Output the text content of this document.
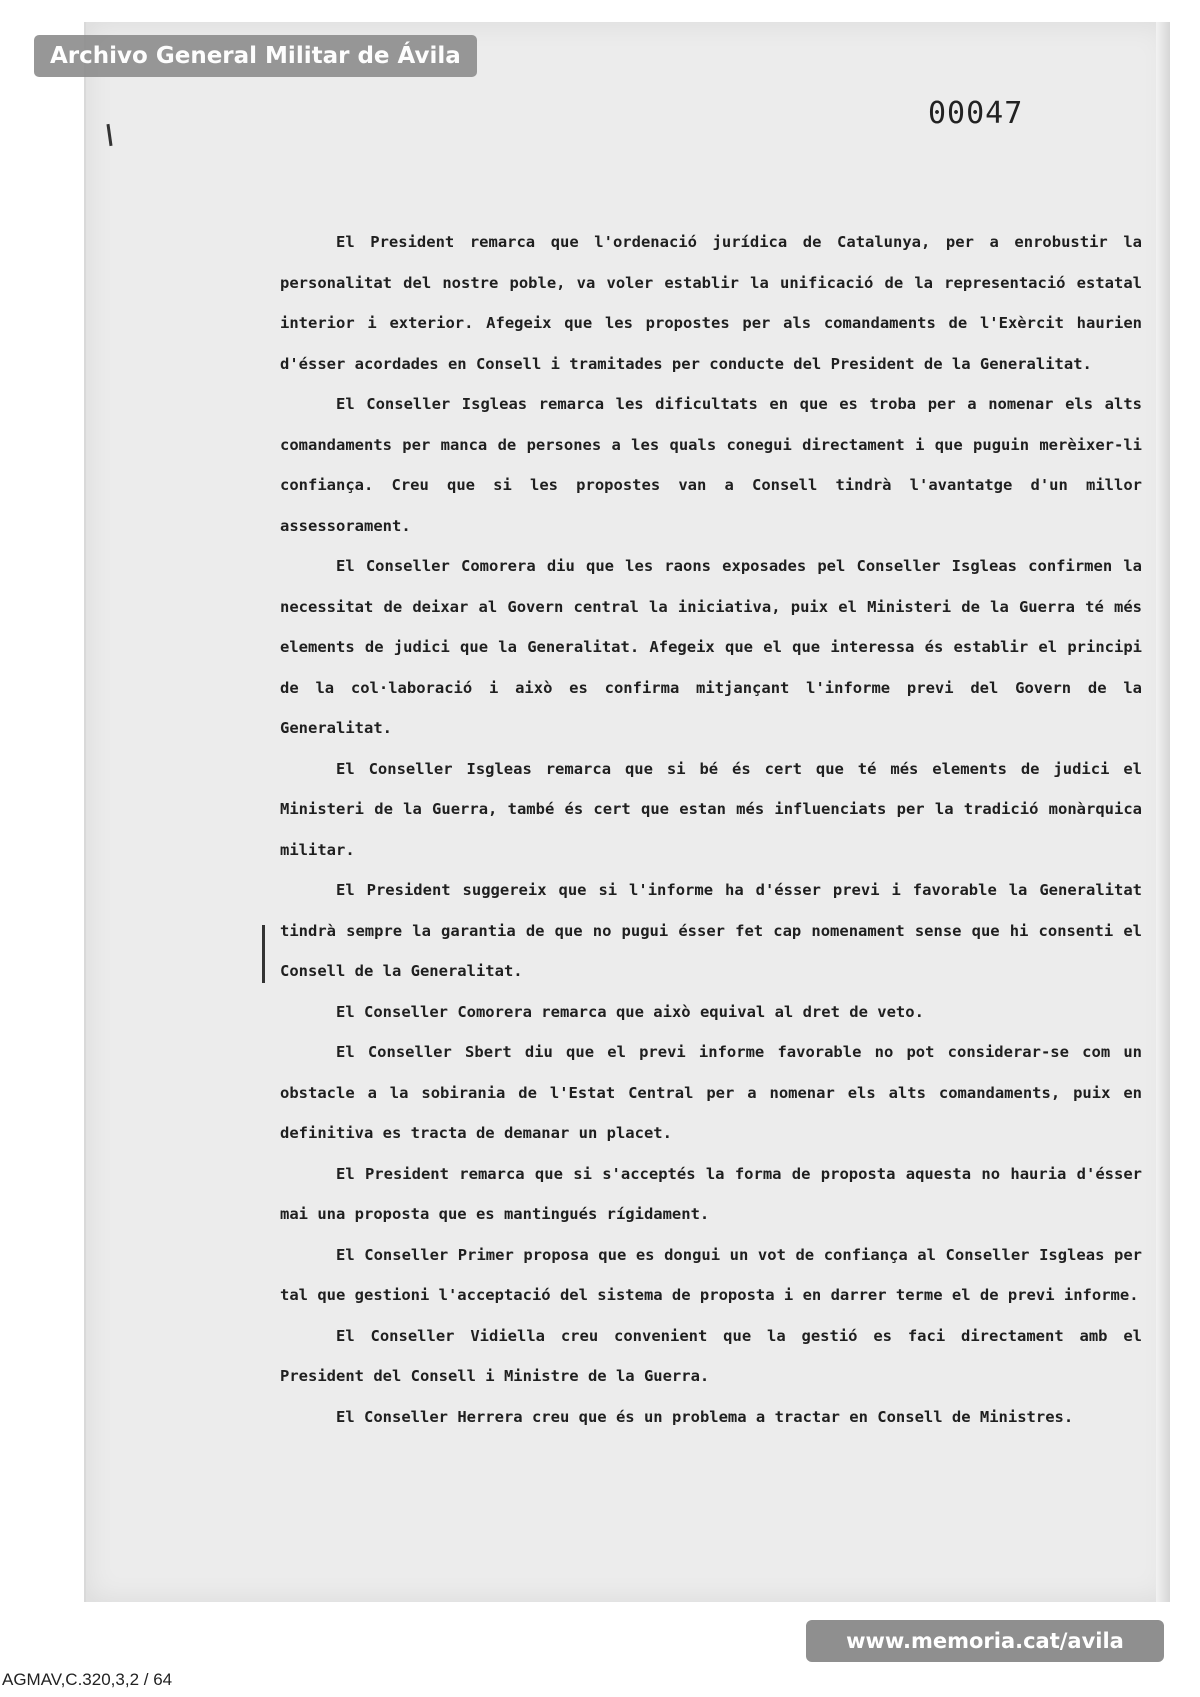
Archivo General Militar de Ávila
00047

El President remarca que l'ordenació jurídica de Catalunya, per a enrobustir la personalitat del nostre poble, va voler establir la unificació de la representació estatal interior i exterior. Afegeix que les propostes per als comandaments de l'Exèrcit haurien d'ésser acordades en Consell i tramitades per conducte del President de la Generalitat.

El Conseller Isgleas remarca les dificultats en que es troba per a nomenar els alts comandaments per manca de persones a les quals conegui directament i que puguin merèixer-li confiança. Creu que si les propostes van a Consell tindrà l'avantatge d'un millor assessorament.

El Conseller Comorera diu que les raons exposades pel Conseller Isgleas confirmen la necessitat de deixar al Govern central la iniciativa, puix el Ministeri de la Guerra té més elements de judici que la Generalitat. Afegeix que el que interessa és establir el principi de la col·laboració i això es confirma mitjançant l'informe previ del Govern de la Generalitat.

El Conseller Isgleas remarca que si bé és cert que té més elements de judici el Ministeri de la Guerra, també és cert que estan més influenciats per la tradició monàrquica militar.

El President suggereix que si l'informe ha d'ésser previ i favorable la Generalitat tindrà sempre la garantia de que no pugui ésser fet cap nomenament sense que hi consenti el Consell de la Generalitat.

El Conseller Comorera remarca que això equival al dret de veto.

El Conseller Sbert diu que el previ informe favorable no pot considerar-se com un obstacle a la sobirania de l'Estat Central per a nomenar els alts comandaments, puix en definitiva es tracta de demanar un placet.

El President remarca que si s'acceptés la forma de proposta aquesta no hauria d'ésser mai una proposta que es mantingués rígidament.

El Conseller Primer proposa que es dongui un vot de confiança al Conseller Isgleas per tal que gestioni l'acceptació del sistema de proposta i en darrer terme el de previ informe.

El Conseller Vidiella creu convenient que la gestió es faci directament amb el President del Consell i Ministre de la Guerra.

El Conseller Herrera creu que és un problema a tractar en Consell de Ministres.

www.memoria.cat/avila
AGMAV,C.320,3,2 / 64
